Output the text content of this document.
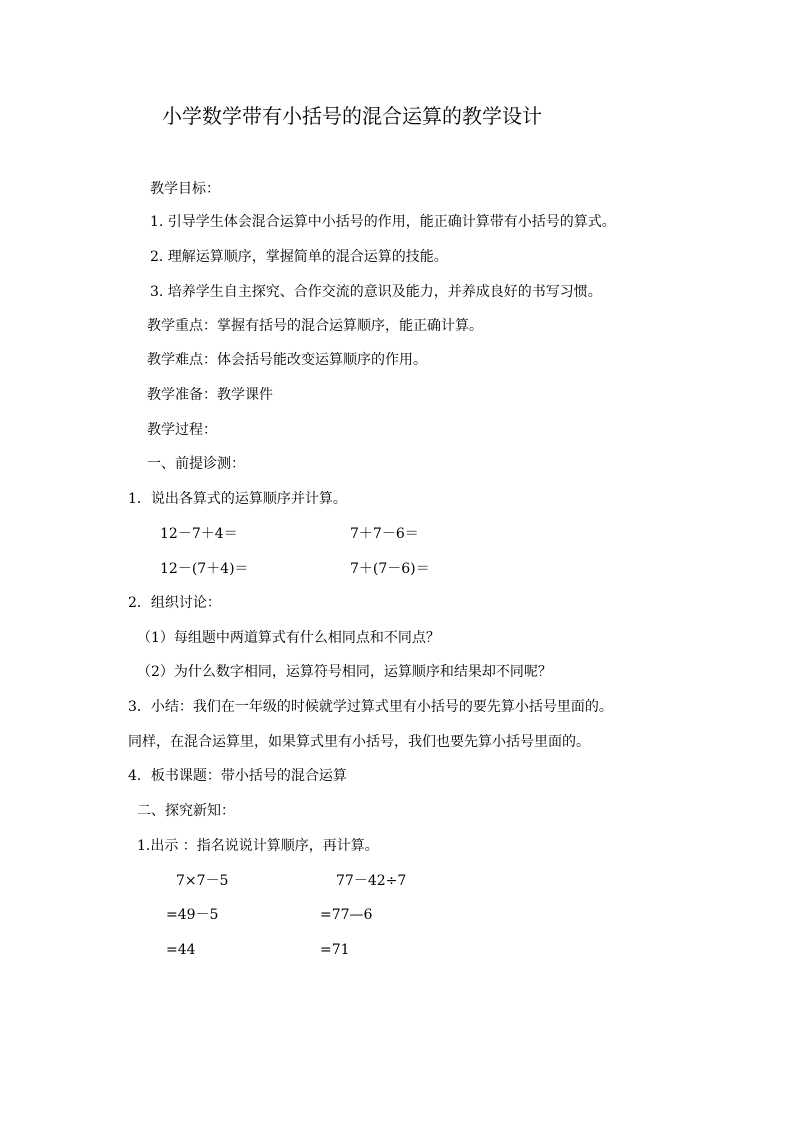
小学数学带有小括号的混合运算的教学设计
教学目标：
1. 引导学生体会混合运算中小括号的作用，能正确计算带有小括号的算式。
2. 理解运算顺序，掌握简单的混合运算的技能。
3. 培养学生自主探究、合作交流的意识及能力，并养成良好的书写习惯。
教学重点：掌握有括号的混合运算顺序，能正确计算。
教学难点：体会括号能改变运算顺序的作用。
教学准备：教学课件
教学过程：
一、前提诊测：
1．说出各算式的运算顺序并计算。
12－7＋4＝	7＋7－6＝
12－(7＋4)＝	7＋(7－6)＝
2．组织讨论：
（1）每组题中两道算式有什么相同点和不同点？
（2）为什么数字相同，运算符号相同，运算顺序和结果却不同呢？
3．小结：我们在一年级的时候就学过算式里有小括号的要先算小括号里面的。
同样，在混合运算里，如果算式里有小括号，我们也要先算小括号里面的。
4．板书课题：带小括号的混合运算
二、探究新知：
1.出示 ：指名说说计算顺序，再计算。
7×7－5	77－42÷7
=49－5	=77—6
=44	=71
